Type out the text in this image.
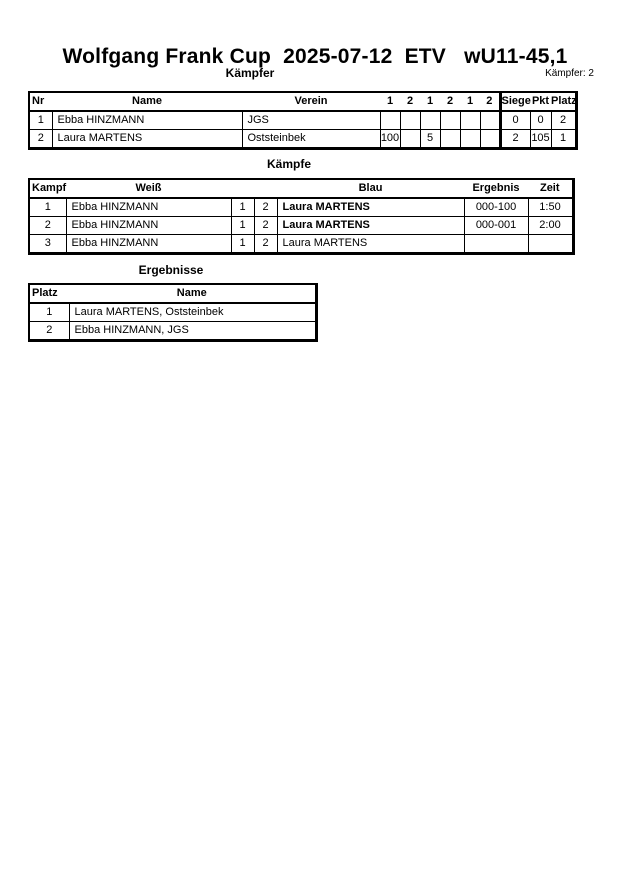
Wolfgang Frank Cup  2025-07-12  ETV   wU11-45,1
Kämpfer	Kämpfer: 2
Nr	Name	Verein	1	2	1	2	1	2	Siege	Pkt	Platz
1	Ebba HINZMANN	JGS							0	0	2
2	Laura MARTENS	Oststeinbek	100		5				2	105	1
Kämpfe
Kampf	Weiß			Blau	Ergebnis	Zeit
1	Ebba HINZMANN	1	2	Laura MARTENS	000-100	1:50
2	Ebba HINZMANN	1	2	Laura MARTENS	000-001	2:00
3	Ebba HINZMANN	1	2	Laura MARTENS		
Ergebnisse
Platz	Name
1	Laura MARTENS, Oststeinbek
2	Ebba HINZMANN, JGS
